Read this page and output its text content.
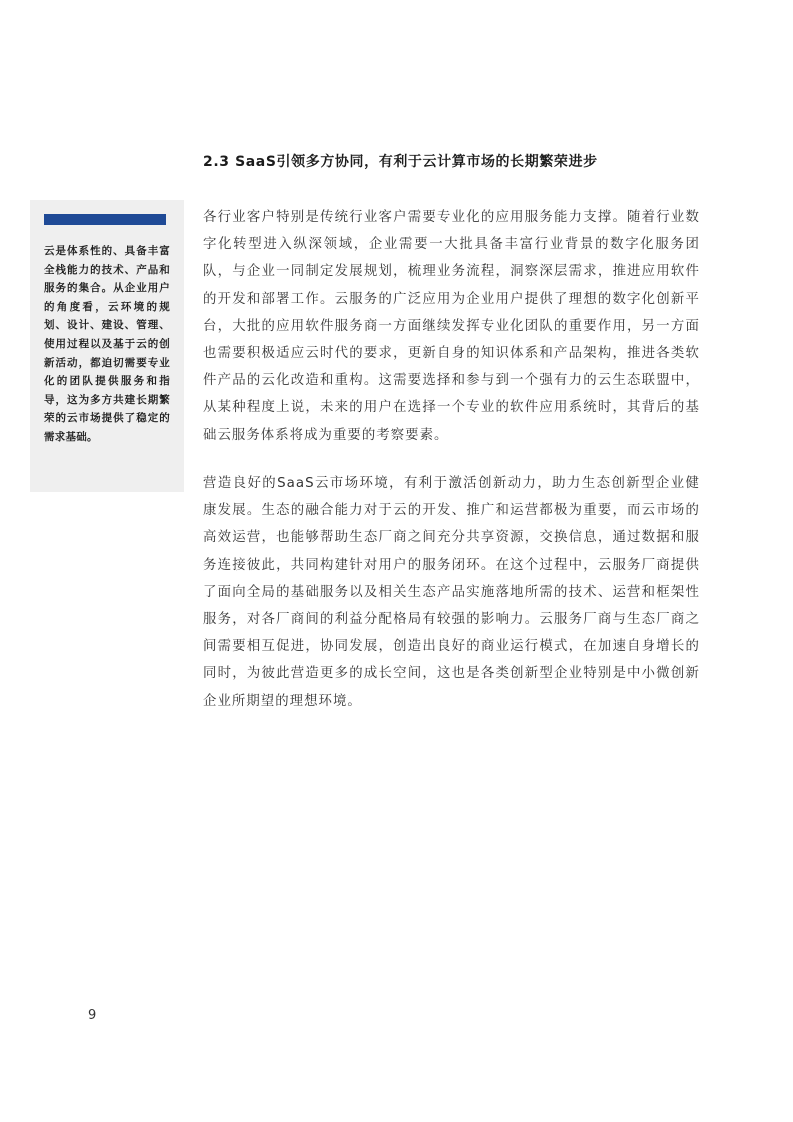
2.3 SaaS引领多方协同，有利于云计算市场的长期繁荣进步
云是体系性的、具备丰富全栈能力的技术、产品和服务的集合。从企业用户的角度看，云环境的规划、设计、建设、管理、使用过程以及基于云的创新活动，都迫切需要专业化的团队提供服务和指导，这为多方共建长期繁荣的云市场提供了稳定的需求基础。

各行业客户特别是传统行业客户需要专业化的应用服务能力支撑。随着行业数字化转型进入纵深领域，企业需要一大批具备丰富行业背景的数字化服务团队，与企业一同制定发展规划，梳理业务流程，洞察深层需求，推进应用软件的开发和部署工作。云服务的广泛应用为企业用户提供了理想的数字化创新平台，大批的应用软件服务商一方面继续发挥专业化团队的重要作用，另一方面也需要积极适应云时代的要求，更新自身的知识体系和产品架构，推进各类软件产品的云化改造和重构。这需要选择和参与到一个强有力的云生态联盟中，从某种程度上说，未来的用户在选择一个专业的软件应用系统时，其背后的基础云服务体系将成为重要的考察要素。

营造良好的SaaS云市场环境，有利于激活创新动力，助力生态创新型企业健康发展。生态的融合能力对于云的开发、推广和运营都极为重要，而云市场的高效运营，也能够帮助生态厂商之间充分共享资源，交换信息，通过数据和服务连接彼此，共同构建针对用户的服务闭环。在这个过程中，云服务厂商提供了面向全局的基础服务以及相关生态产品实施落地所需的技术、运营和框架性服务，对各厂商间的利益分配格局有较强的影响力。云服务厂商与生态厂商之间需要相互促进，协同发展，创造出良好的商业运行模式，在加速自身增长的同时，为彼此营造更多的成长空间，这也是各类创新型企业特别是中小微创新企业所期望的理想环境。

9
